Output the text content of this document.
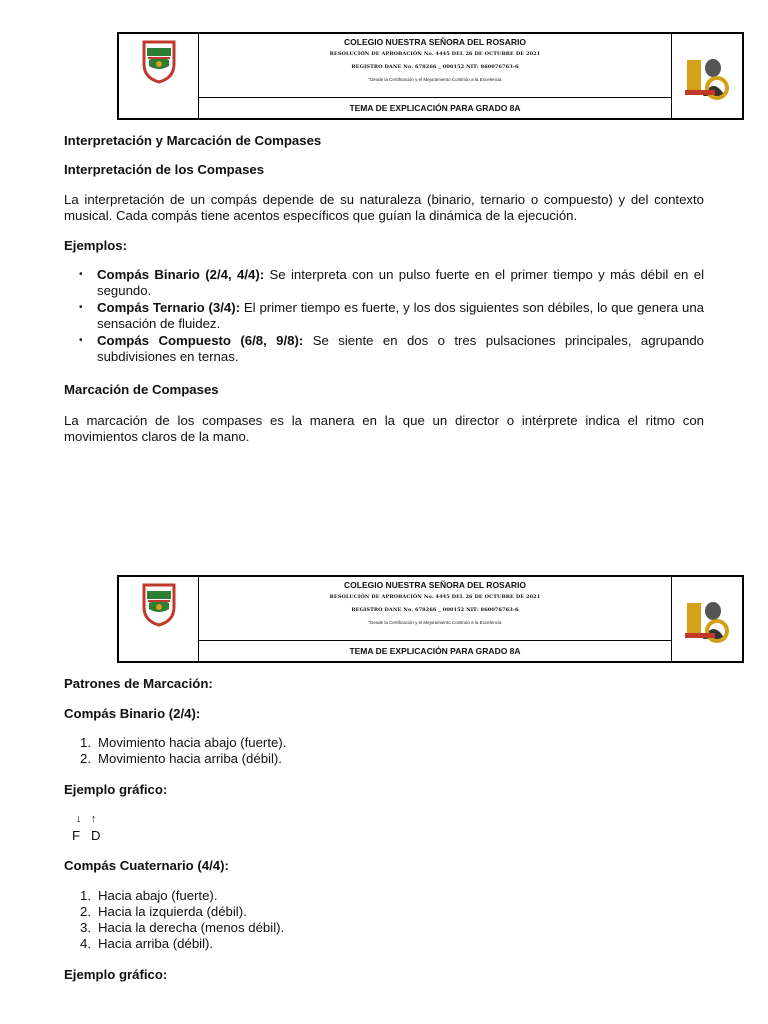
COLEGIO NUESTRA SEÑORA DEL ROSARIO
RESOLUCIÓN DE APROBACIÓN No. 4445 DEL 26 DE OCTUBRE DE 2021
REGISTRO DANE No. 678266 _ 000152 NIT: 860076763-6
"Desde la Certificación y el Mejoramiento Continúo a la Excelencia
TEMA DE EXPLICACIÓN PARA GRADO 8A
Interpretación y Marcación de Compases
Interpretación de los Compases
La interpretación de un compás depende de su naturaleza (binario, ternario o compuesto) y del contexto musical. Cada compás tiene acentos específicos que guían la dinámica de la ejecución.
Ejemplos:
• Compás Binario (2/4, 4/4): Se interpreta con un pulso fuerte en el primer tiempo y más débil en el segundo.
• Compás Ternario (3/4): El primer tiempo es fuerte, y los dos siguientes son débiles, lo que genera una sensación de fluidez.
• Compás Compuesto (6/8, 9/8): Se siente en dos o tres pulsaciones principales, agrupando subdivisiones en ternas.
Marcación de Compases
La marcación de los compases es la manera en la que un director o intérprete indica el ritmo con movimientos claros de la mano.
COLEGIO NUESTRA SEÑORA DEL ROSARIO
RESOLUCIÓN DE APROBACIÓN No. 4445 DEL 26 DE OCTUBRE DE 2021
REGISTRO DANE No. 678266 _ 000152 NIT: 860076763-6
"Desde la Certificación y el Mejoramiento Continúo a la Excelencia
TEMA DE EXPLICACIÓN PARA GRADO 8A
Patrones de Marcación:
Compás Binario (2/4):
1. Movimiento hacia abajo (fuerte).
2. Movimiento hacia arriba (débil).
Ejemplo gráfico:
↓   ↑
F   D
Compás Cuaternario (4/4):
1. Hacia abajo (fuerte).
2. Hacia la izquierda (débil).
3. Hacia la derecha (menos débil).
4. Hacia arriba (débil).
Ejemplo gráfico:
